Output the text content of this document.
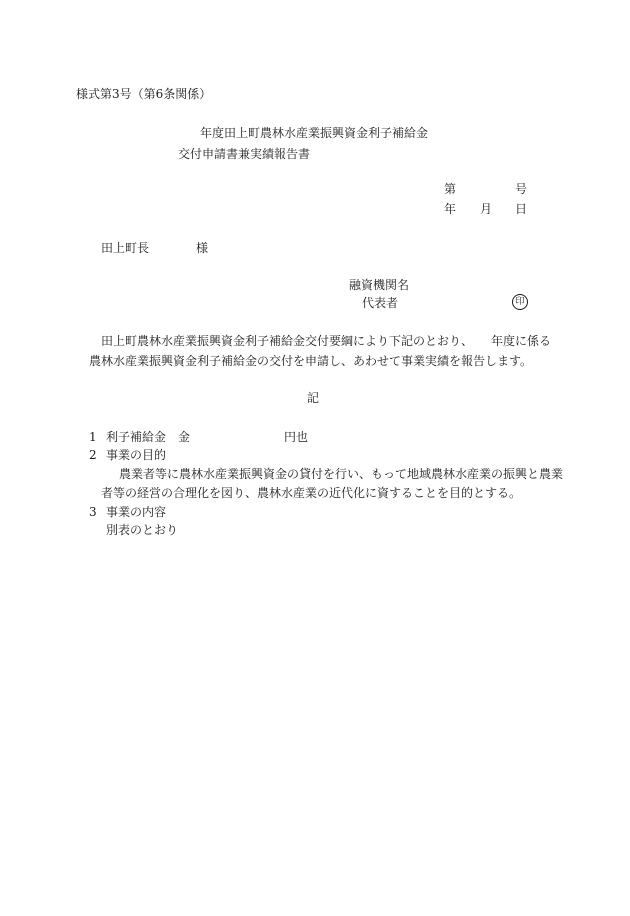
様式第3号（第6条関係）
年度田上町農林水産業振興資金利子補給金
交付申請書兼実績報告書
第	号
年 月 日
田上町長	様
融資機関名
代表者	印
田上町農林水産業振興資金利子補給金交付要綱により下記のとおり、　　年度に係る
農林水産業振興資金利子補給金の交付を申請し、あわせて事業実績を報告します。
記
1 利子補給金　金	円也
2 事業の目的
農業者等に農林水産業振興資金の貸付を行い、もって地域農林水産業の振興と農業
者等の経営の合理化を図り、農林水産業の近代化に資することを目的とする。
3 事業の内容
別表のとおり
